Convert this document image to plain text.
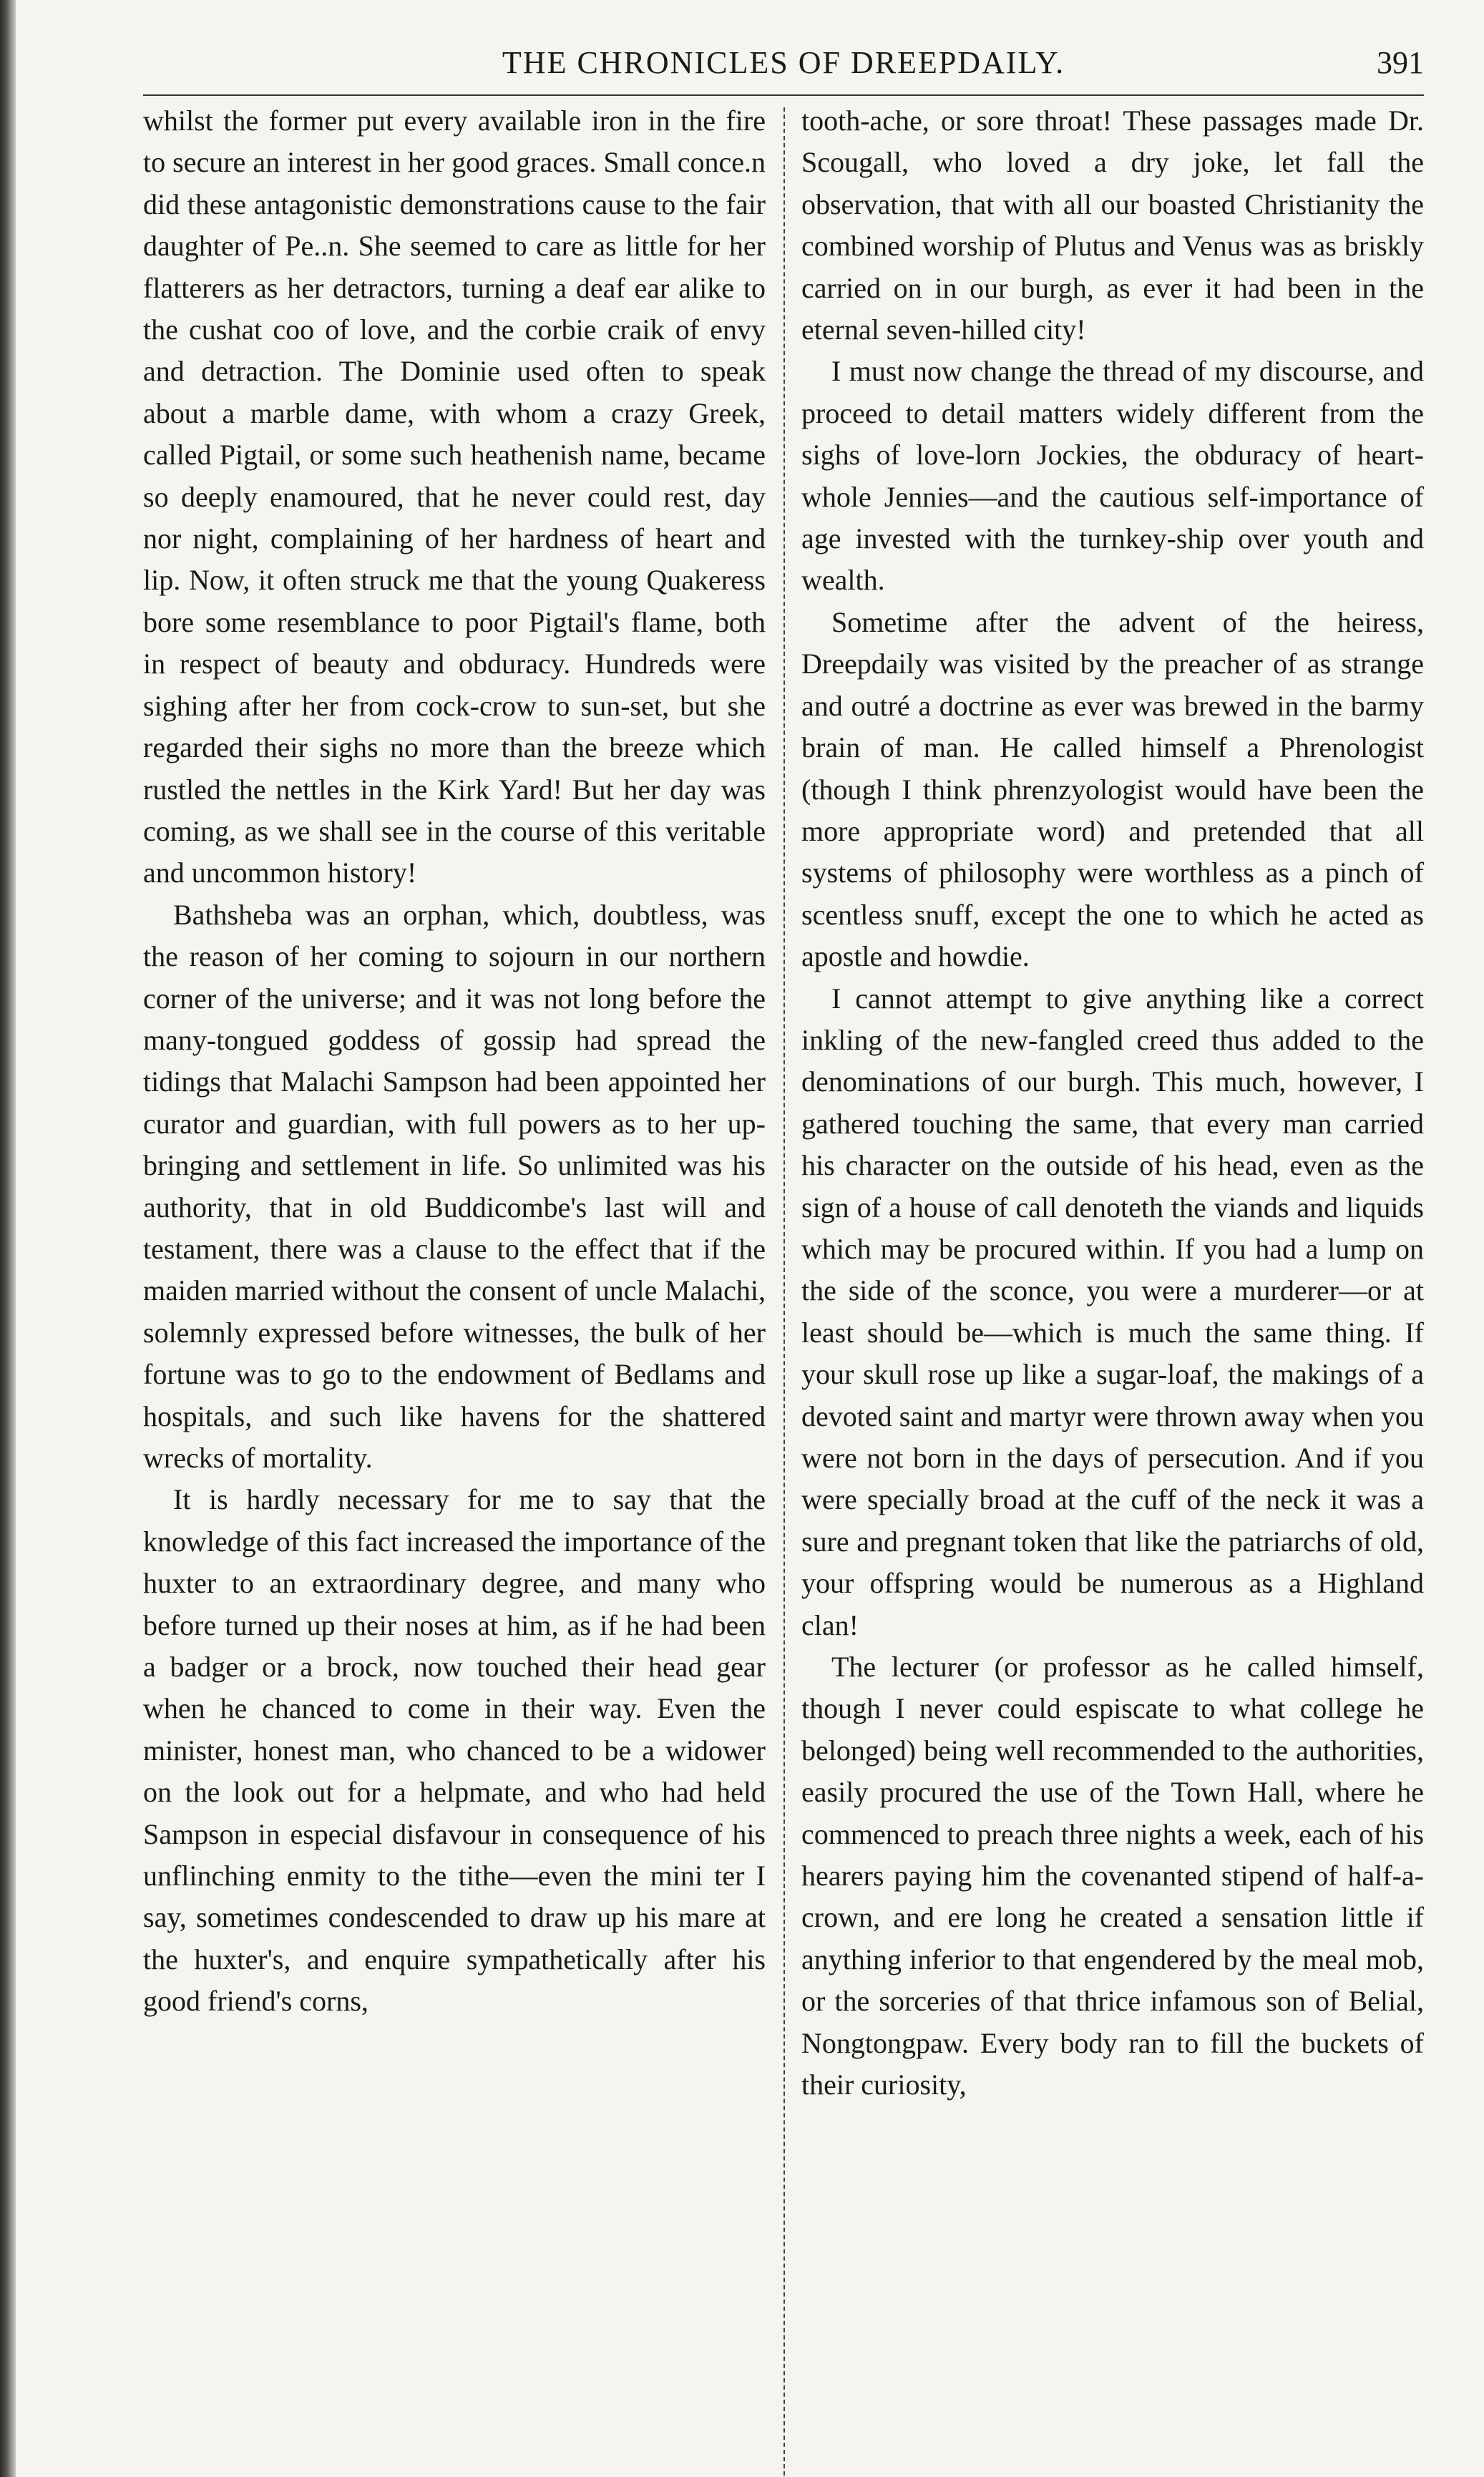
THE CHRONICLES OF DREEPDAILY.	391

whilst the former put every available iron in the fire to secure an interest in her good graces. Small conce.n did these antagonistic demonstrations cause to the fair daughter of Pe..n. She seemed to care as little for her flatterers as her detractors, turning a deaf ear alike to the cushat coo of love, and the corbie craik of envy and detraction. The Dominie used often to speak about a marble dame, with whom a crazy Greek, called Pigtail, or some such heathenish name, became so deeply enamoured, that he never could rest, day nor night, complaining of her hardness of heart and lip. Now, it often struck me that the young Quakeress bore some resemblance to poor Pigtail's flame, both in respect of beauty and obduracy. Hundreds were sighing after her from cock-crow to sun-set, but she regarded their sighs no more than the breeze which rustled the nettles in the Kirk Yard! But her day was coming, as we shall see in the course of this veritable and uncommon history!

Bathsheba was an orphan, which, doubtless, was the reason of her coming to sojourn in our northern corner of the universe; and it was not long before the many-tongued goddess of gossip had spread the tidings that Malachi Sampson had been appointed her curator and guardian, with full powers as to her up-bringing and settlement in life. So unlimited was his authority, that in old Buddicombe's last will and testament, there was a clause to the effect that if the maiden married without the consent of uncle Malachi, solemnly expressed before witnesses, the bulk of her fortune was to go to the endowment of Bedlams and hospitals, and such like havens for the shattered wrecks of mortality.

It is hardly necessary for me to say that the knowledge of this fact increased the importance of the huxter to an extraordinary degree, and many who before turned up their noses at him, as if he had been a badger or a brock, now touched their head gear when he chanced to come in their way. Even the minister, honest man, who chanced to be a widower on the look out for a helpmate, and who had held Sampson in especial disfavour in consequence of his unflinching enmity to the tithe—even the mini ter I say, sometimes condescended to draw up his mare at the huxter's, and enquire sympathetically after his good friend's corns,

tooth-ache, or sore throat! These passages made Dr. Scougall, who loved a dry joke, let fall the observation, that with all our boasted Christianity the combined worship of Plutus and Venus was as briskly carried on in our burgh, as ever it had been in the eternal seven-hilled city!

I must now change the thread of my discourse, and proceed to detail matters widely different from the sighs of love-lorn Jockies, the obduracy of heart-whole Jennies—and the cautious self-importance of age invested with the turnkey-ship over youth and wealth.

Sometime after the advent of the heiress, Dreepdaily was visited by the preacher of as strange and outré a doctrine as ever was brewed in the barmy brain of man. He called himself a Phrenologist (though I think phrenzyologist would have been the more appropriate word) and pretended that all systems of philosophy were worthless as a pinch of scentless snuff, except the one to which he acted as apostle and howdie.

I cannot attempt to give anything like a correct inkling of the new-fangled creed thus added to the denominations of our burgh. This much, however, I gathered touching the same, that every man carried his character on the outside of his head, even as the sign of a house of call denoteth the viands and liquids which may be procured within. If you had a lump on the side of the sconce, you were a murderer—or at least should be—which is much the same thing. If your skull rose up like a sugar-loaf, the makings of a devoted saint and martyr were thrown away when you were not born in the days of persecution. And if you were specially broad at the cuff of the neck it was a sure and pregnant token that like the patriarchs of old, your offspring would be numerous as a Highland clan!

The lecturer (or professor as he called himself, though I never could espiscate to what college he belonged) being well recommended to the authorities, easily procured the use of the Town Hall, where he commenced to preach three nights a week, each of his hearers paying him the covenanted stipend of half-a-crown, and ere long he created a sensation little if anything inferior to that engendered by the meal mob, or the sorceries of that thrice infamous son of Belial, Nongtongpaw. Every body ran to fill the buckets of their curiosity,
